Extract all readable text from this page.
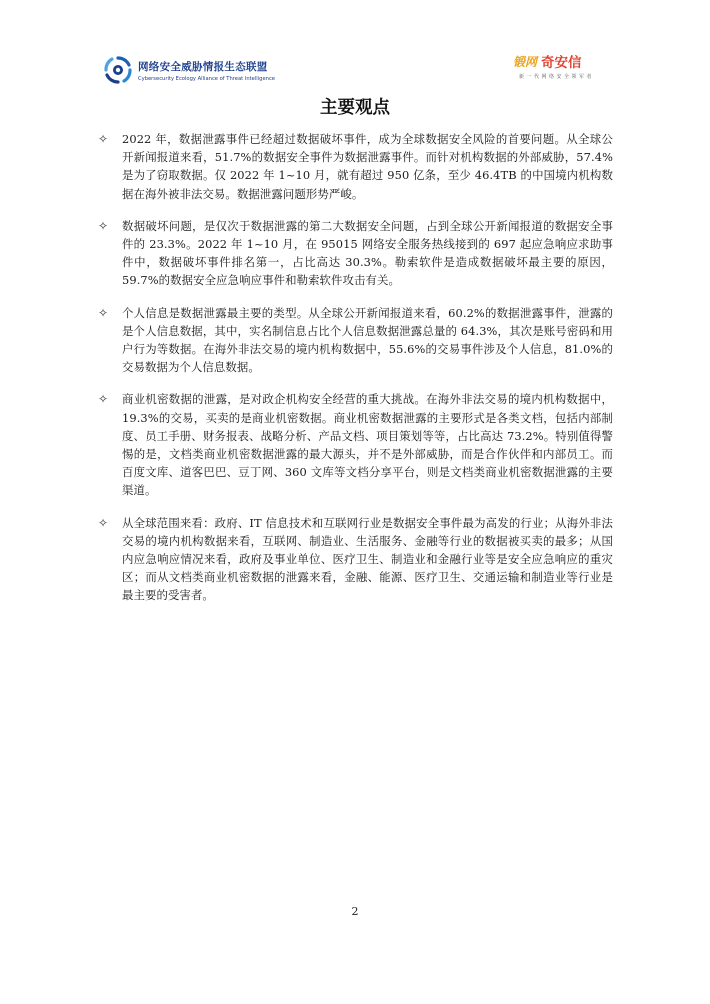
网络安全威胁情报生态联盟
Cybersecurity Ecology Alliance of Threat Intelligence
锻网 奇安信
新一代网络安全领军者
主要观点
✧	2022 年，数据泄露事件已经超过数据破坏事件，成为全球数据安全风险的首要问题。从全球公开新闻报道来看，51.7%的数据安全事件为数据泄露事件。而针对机构数据的外部威胁，57.4%是为了窃取数据。仅 2022 年 1~10 月，就有超过 950 亿条，至少 46.4TB 的中国境内机构数据在海外被非法交易。数据泄露问题形势严峻。
✧	数据破坏问题，是仅次于数据泄露的第二大数据安全问题，占到全球公开新闻报道的数据安全事件的 23.3%。2022 年 1~10 月，在 95015 网络安全服务热线接到的 697 起应急响应求助事件中，数据破坏事件排名第一，占比高达 30.3%。勒索软件是造成数据破坏最主要的原因，59.7%的数据安全应急响应事件和勒索软件攻击有关。
✧	个人信息是数据泄露最主要的类型。从全球公开新闻报道来看，60.2%的数据泄露事件，泄露的是个人信息数据，其中，实名制信息占比个人信息数据泄露总量的 64.3%，其次是账号密码和用户行为等数据。在海外非法交易的境内机构数据中，55.6%的交易事件涉及个人信息，81.0%的交易数据为个人信息数据。
✧	商业机密数据的泄露，是对政企机构安全经营的重大挑战。在海外非法交易的境内机构数据中，19.3%的交易，买卖的是商业机密数据。商业机密数据泄露的主要形式是各类文档，包括内部制度、员工手册、财务报表、战略分析、产品文档、项目策划等等，占比高达 73.2%。特别值得警惕的是，文档类商业机密数据泄露的最大源头，并不是外部威胁，而是合作伙伴和内部员工。而百度文库、道客巴巴、豆丁网、360 文库等文档分享平台，则是文档类商业机密数据泄露的主要渠道。
✧	从全球范围来看：政府、IT 信息技术和互联网行业是数据安全事件最为高发的行业；从海外非法交易的境内机构数据来看，互联网、制造业、生活服务、金融等行业的数据被买卖的最多；从国内应急响应情况来看，政府及事业单位、医疗卫生、制造业和金融行业等是安全应急响应的重灾区；而从文档类商业机密数据的泄露来看，金融、能源、医疗卫生、交通运输和制造业等行业是最主要的受害者。
2
